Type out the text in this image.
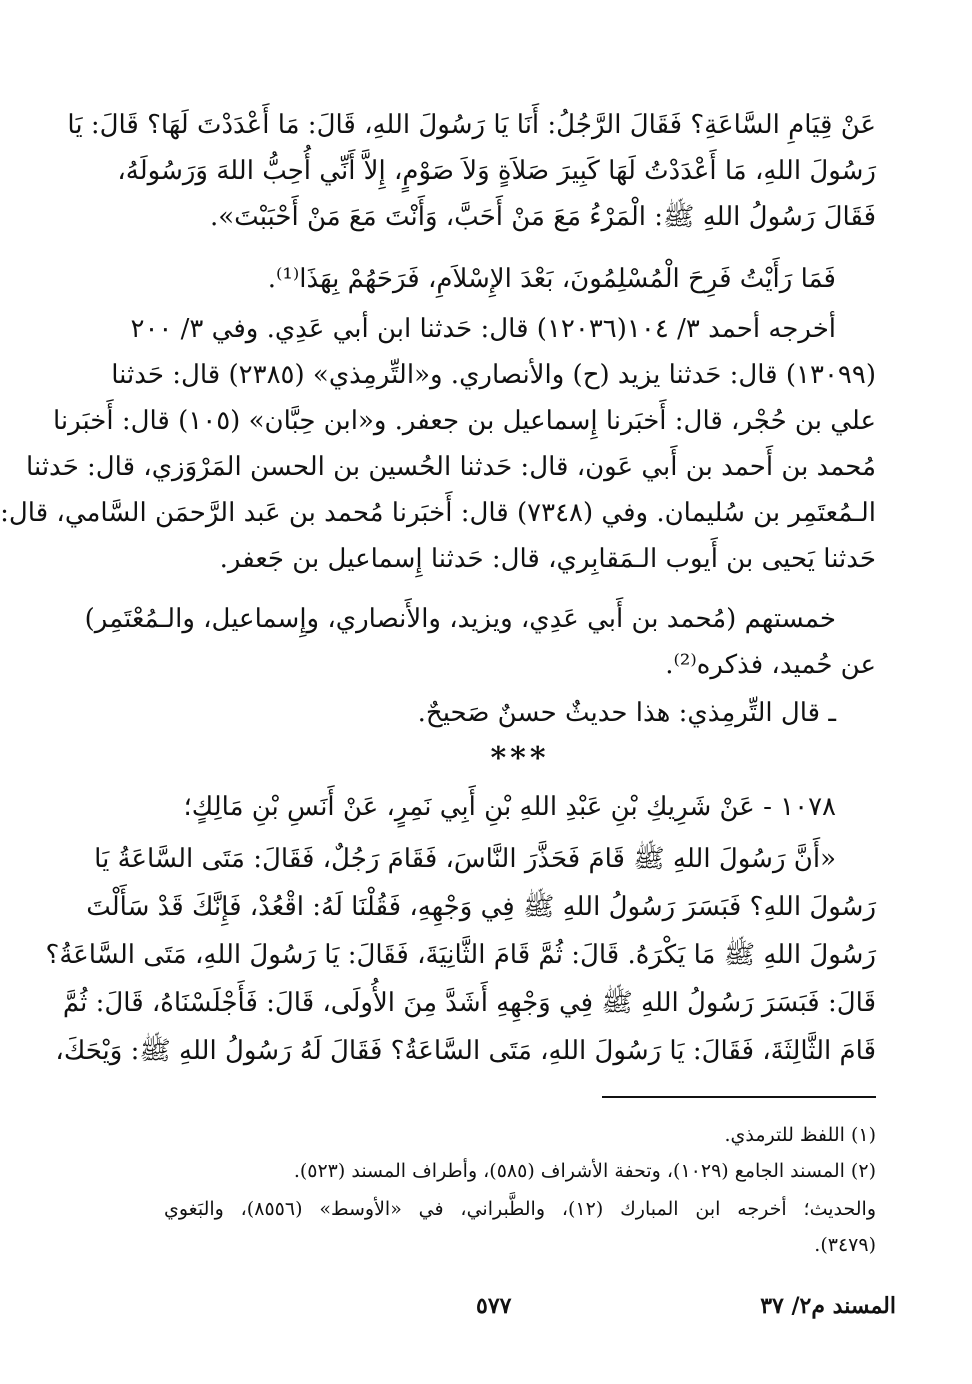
عَنْ قِيَامِ السَّاعَةِ؟ فَقَالَ الرَّجُلُ: أَنَا يَا رَسُولَ اللهِ، قَالَ: مَا أَعْدَدْتَ لَهَا؟ قَالَ: يَا
رَسُولَ اللهِ، مَا أَعْدَدْتُ لَهَا كَبِيرَ صَلاَةٍ وَلاَ صَوْمٍ، إِلاَّ أَنِّي أُحِبُّ اللهَ وَرَسُولَهُ،
فَقَالَ رَسُولُ اللهِ ﷺ: الْمَرْءُ مَعَ مَنْ أَحَبَّ، وَأَنْتَ مَعَ مَنْ أَحْبَبْتَ».
فَمَا رَأَيْتُ فَرِحَ الْمُسْلِمُونَ، بَعْدَ الإِسْلاَمِ، فَرَحَهُمْ بِهَذَا⁽¹⁾.
أخرجه أحمد ٣/ ١٠٤(١٢٠٣٦) قال: حَدثنا ابن أبي عَدِي. وفي ٣/ ٢٠٠
(١٣٠٩٩) قال: حَدثنا يزيد (ح) والأنصاري. و«التِّرمِذي» (٢٣٨٥) قال: حَدثنا
علي بن حُجْر، قال: أَخبَرنا إِسماعيل بن جعفر. و«ابن حِبَّان» (١٠٥) قال: أَخبَرنا
مُحمد بن أَحمد بن أَبي عَون، قال: حَدثنا الحُسين بن الحسن المَرْوَزي، قال: حَدثنا
الـمُعتَمِر بن سُليمان. وفي (٧٣٤٨) قال: أَخبَرنا مُحمد بن عَبد الرَّحمَن السَّامي، قال:
حَدثنا يَحيى بن أَيوب الـمَقابِري، قال: حَدثنا إِسماعيل بن جَعفر.
خمستهم (مُحمد بن أَبي عَدِي، ويزيد، والأَنصاري، وإِسماعيل، والـمُعْتَمِر)
عن حُميد، فذكره⁽²⁾.
ـ قال التِّرمِذي: هذا حديثٌ حسنٌ صَحيحٌ.
***
١٠٧٨ - عَنْ شَرِيكِ بْنِ عَبْدِ اللهِ بْنِ أَبِي نَمِرٍ، عَنْ أَنَسِ بْنِ مَالِكٍ؛
«أَنَّ رَسُولَ اللهِ ﷺ قَامَ فَحَذَّرَ النَّاسَ، فَقَامَ رَجُلٌ، فَقَالَ: مَتَى السَّاعَةُ يَا
رَسُولَ اللهِ؟ فَبَسَرَ رَسُولُ اللهِ ﷺ فِي وَجْهِهِ، فَقُلْنَا لَهُ: اقْعُدْ، فَإِنَّكَ قَدْ سَأَلْتَ
رَسُولَ اللهِ ﷺ مَا يَكْرَهُ. قَالَ: ثُمَّ قَامَ الثَّانِيَةَ، فَقَالَ: يَا رَسُولَ اللهِ، مَتَى السَّاعَةُ؟
قَالَ: فَبَسَرَ رَسُولُ اللهِ ﷺ فِي وَجْهِهِ أَشَدَّ مِنَ الأُولَى، قَالَ: فَأَجْلَسْنَاهُ، قَالَ: ثُمَّ
قَامَ الثَّالِثَةَ، فَقَالَ: يَا رَسُولَ اللهِ، مَتَى السَّاعَةُ؟ فَقَالَ لَهُ رَسُولُ اللهِ ﷺ: وَيْحَكَ،
(١) اللفظ للترمذي.
(٢) المسند الجامع (١٠٢٩)، وتحفة الأشراف (٥٨٥)، وأطراف المسند (٥٢٣).
والحديث؛ أخرجه ابن المبارك (١٢)، والطَّبراني، في «الأوسط» (٨٥٥٦)، والبَغوي
(٣٤٧٩).
المسند م٢/ ٣٧
٥٧٧
